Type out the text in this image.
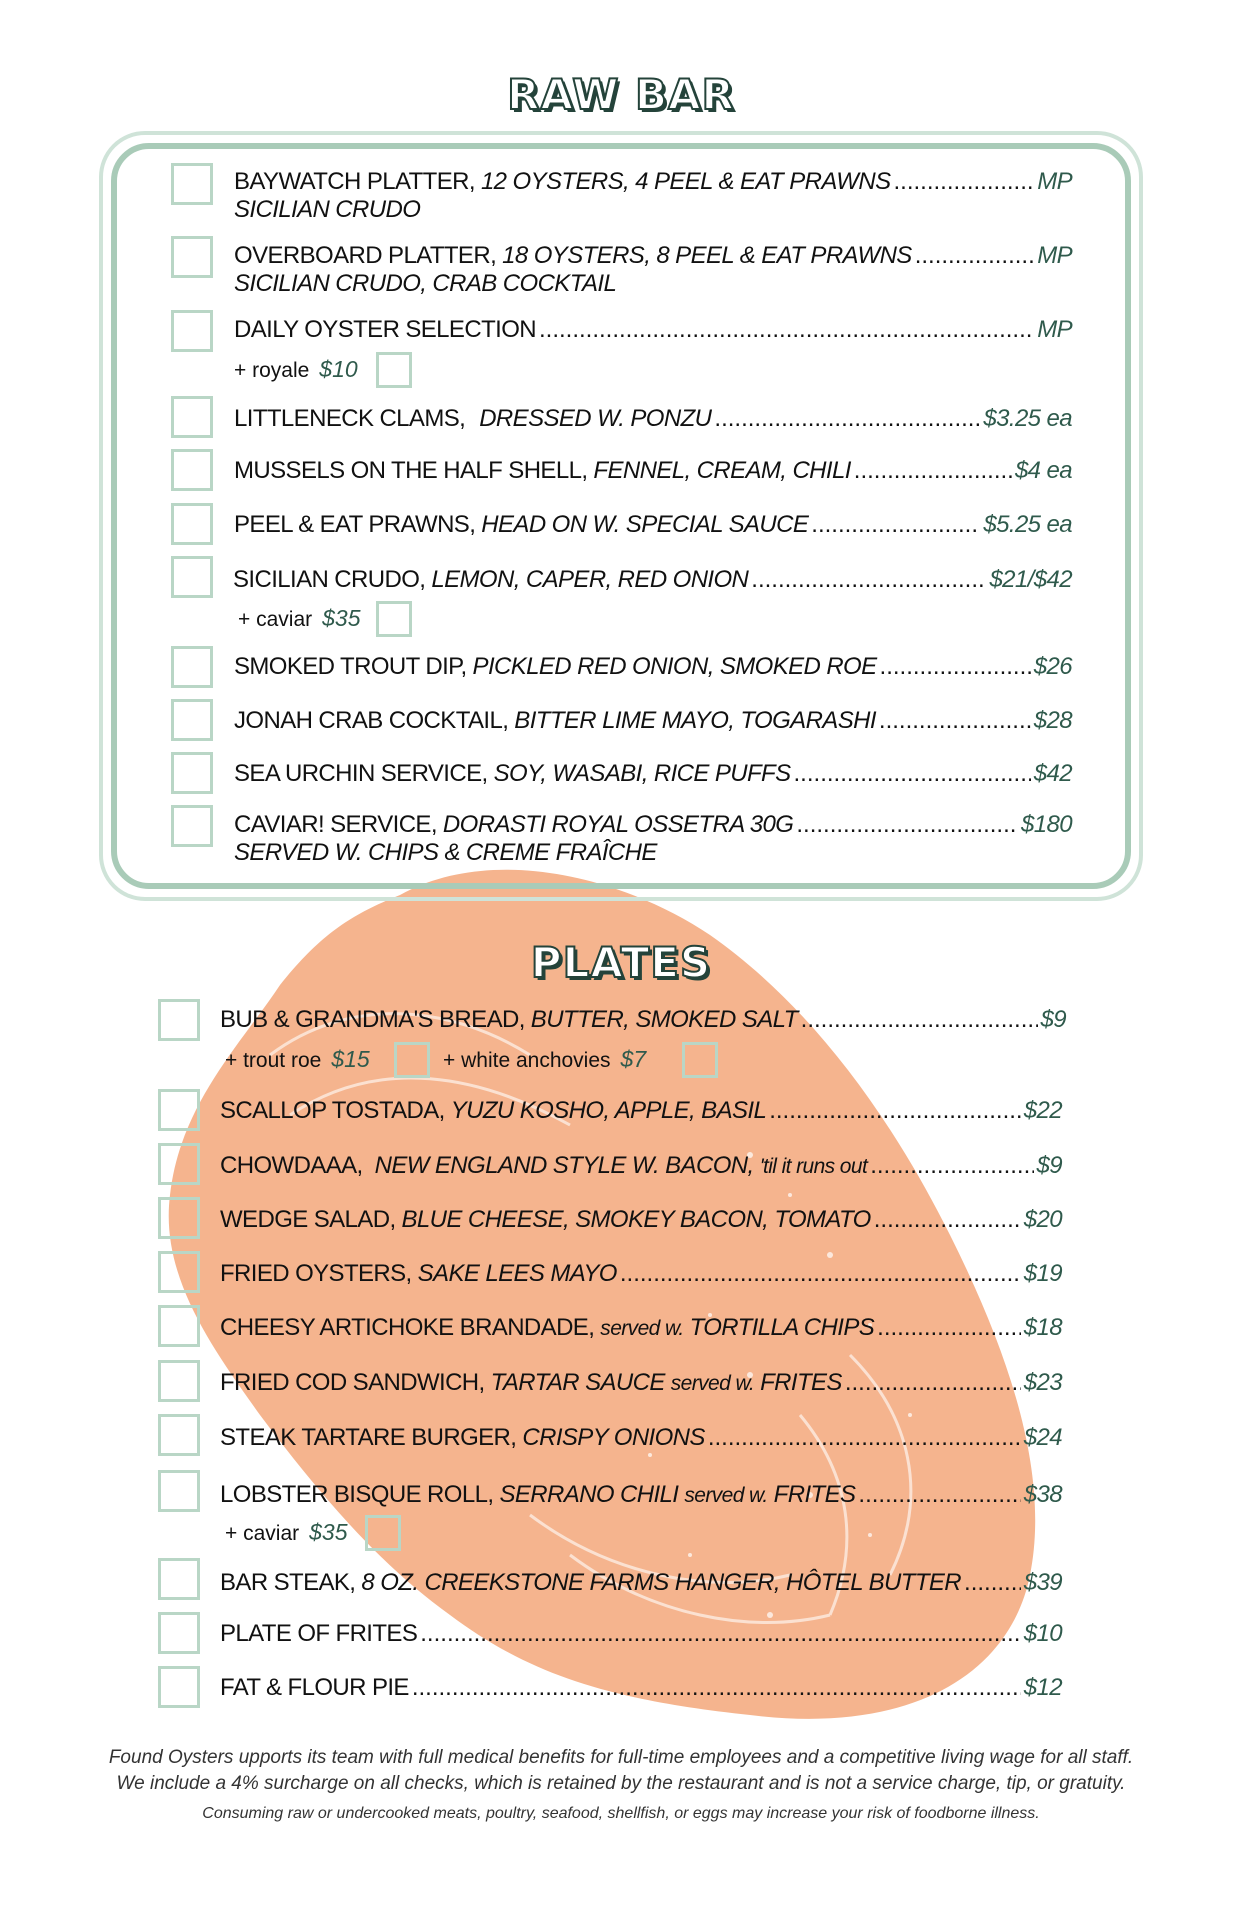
RAW BAR
BAYWATCH PLATTER, 12 OYSTERS, 4 PEEL & EAT PRAWNS .....	MP
SICILIAN CRUDO
OVERBOARD PLATTER, 18 OYSTERS, 8 PEEL & EAT PRAWNS .....	MP
SICILIAN CRUDO, CRAB COCKTAIL
DAILY OYSTER SELECTION .....	MP
+ royale $10
LITTLENECK CLAMS, DRESSED W. PONZU .....	$3.25 ea
MUSSELS ON THE HALF SHELL, FENNEL, CREAM, CHILI .....	$4 ea
PEEL & EAT PRAWNS, HEAD ON W. SPECIAL SAUCE .....	$5.25 ea
SICILIAN CRUDO, LEMON, CAPER, RED ONION .....	$21/$42
+ caviar $35
SMOKED TROUT DIP, PICKLED RED ONION, SMOKED ROE .....	$26
JONAH CRAB COCKTAIL, BITTER LIME MAYO, TOGARASHI .....	$28
SEA URCHIN SERVICE, SOY, WASABI, RICE PUFFS .....	$42
CAVIAR! SERVICE, DORASTI ROYAL OSSETRA 30G .....	$180
SERVED W. CHIPS & CREME FRAÎCHE
PLATES
BUB & GRANDMA'S BREAD, BUTTER, SMOKED SALT .....	$9
+ trout roe $15	+ white anchovies $7
SCALLOP TOSTADA, YUZU KOSHO, APPLE, BASIL .....	$22
CHOWDAAA, NEW ENGLAND STYLE W. BACON, 'til it runs out .....	$9
WEDGE SALAD, BLUE CHEESE, SMOKEY BACON, TOMATO .....	$20
FRIED OYSTERS, SAKE LEES MAYO .....	$19
CHEESY ARTICHOKE BRANDADE, served w. TORTILLA CHIPS .....	$18
FRIED COD SANDWICH, TARTAR SAUCE served w. FRITES .....	$23
STEAK TARTARE BURGER, CRISPY ONIONS .....	$24
LOBSTER BISQUE ROLL, SERRANO CHILI served w. FRITES .....	$38
+ caviar $35
BAR STEAK, 8 OZ. CREEKSTONE FARMS HANGER, HÔTEL BUTTER .....	$39
PLATE OF FRITES .....	$10
FAT & FLOUR PIE .....	$12
Found Oysters upports its team with full medical benefits for full-time employees and a competitive living wage for all staff.
We include a 4% surcharge on all checks, which is retained by the restaurant and is not a service charge, tip, or gratuity.
Consuming raw or undercooked meats, poultry, seafood, shellfish, or eggs may increase your risk of foodborne illness.
